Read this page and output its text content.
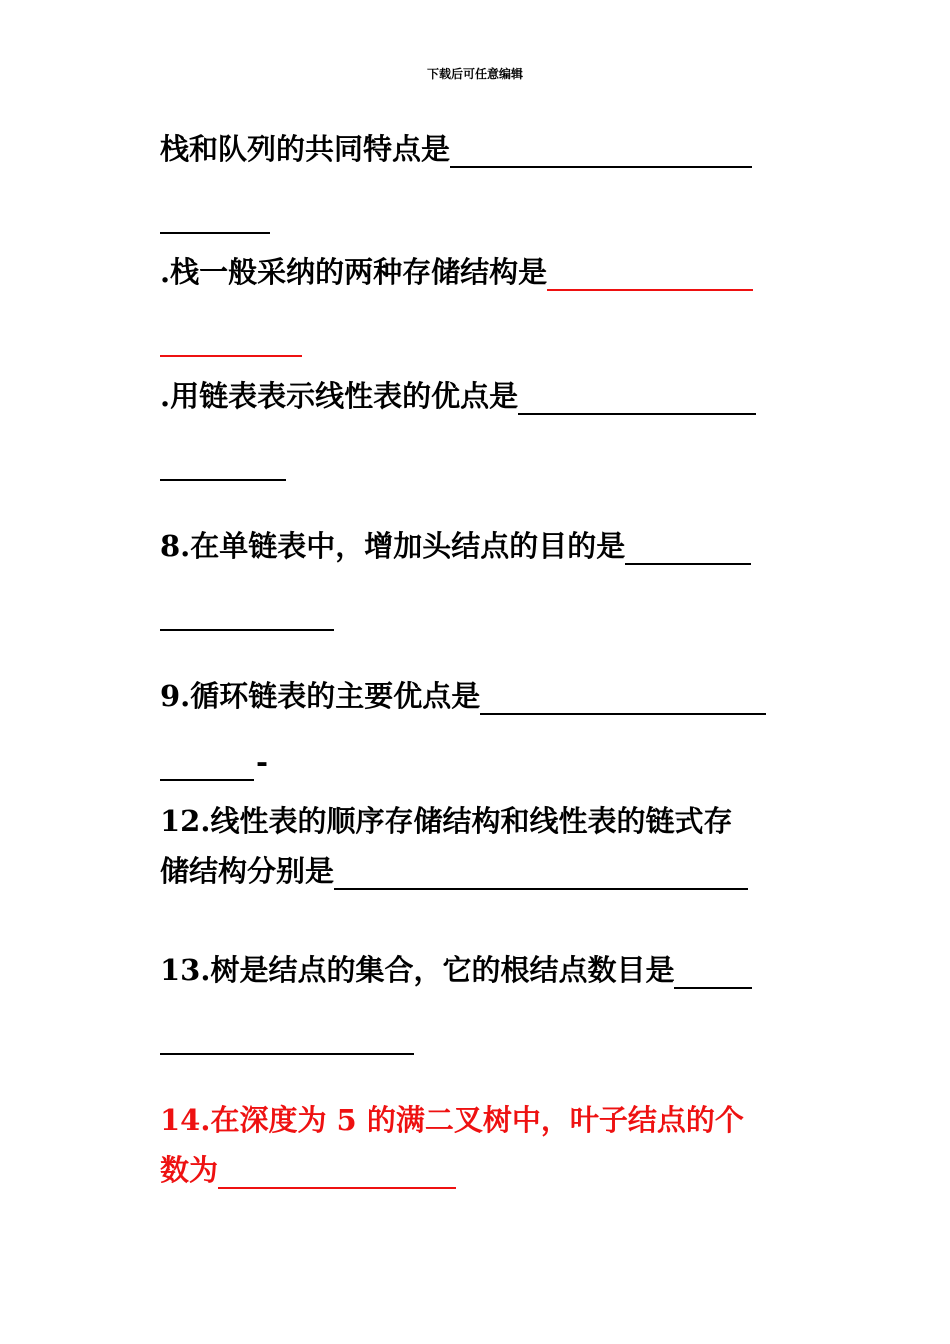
下载后可任意编辑
栈和队列的共同特点是
.栈一般采纳的两种存储结构是
.用链表表示线性表的优点是
8.在单链表中，增加头结点的目的是
9.循环链表的主要优点是
-
12.线性表的顺序存储结构和线性表的链式存
储结构分别是
13.树是结点的集合，它的根结点数目是
14.在深度为 5 的满二叉树中，叶子结点的个
数为
